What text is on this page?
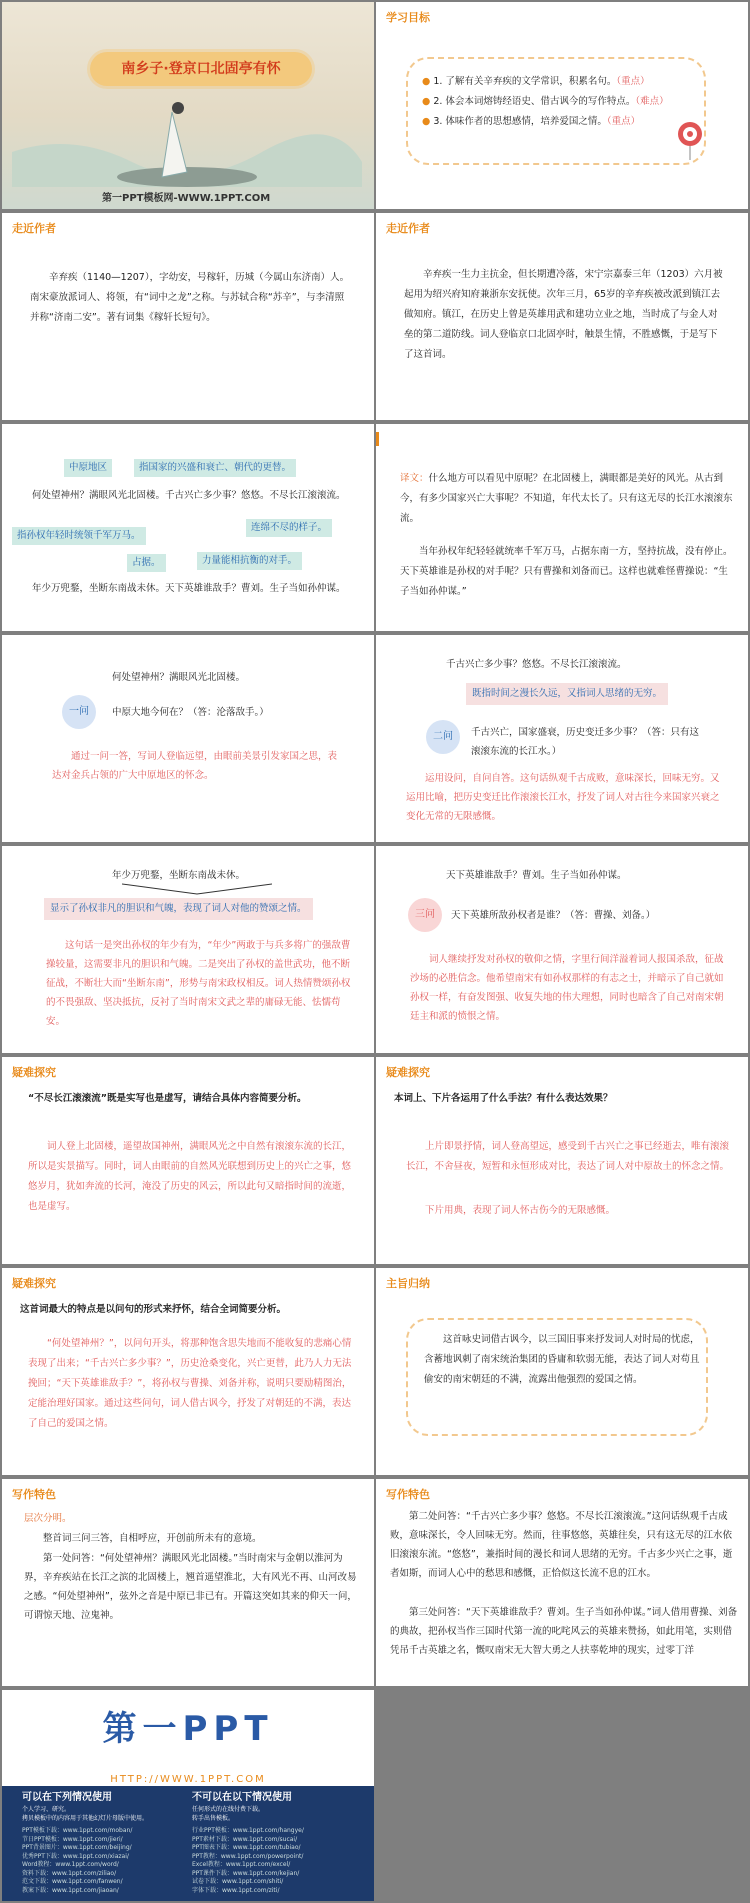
南乡子·登京口北固亭有怀
第一PPT模板网-WWW.1PPT.COM
学习目标
● 1. 了解有关辛弃疾的文学常识，积累名句。（重点）
● 2. 体会本词熔铸经语史、借古讽今的写作特点。（难点）
● 3. 体味作者的思想感情，培养爱国之情。（重点）
走近作者
辛弃疾（1140—1207），字幼安，号稼轩，历城（今属山东济南）人。南宋豪放派词人、将领，有“词中之龙”之称。与苏轼合称“苏辛”，与李清照并称“济南二安”。著有词集《稼轩长短句》。
走近作者
辛弃疾一生力主抗金，但长期遭冷落，宋宁宗嘉泰三年（1203）六月被起用为绍兴府知府兼浙东安抚使。次年三月，65岁的辛弃疾被改派到镇江去做知府。镇江，在历史上曾是英雄用武和建功立业之地，当时成了与金人对垒的第二道防线。词人登临京口北固亭时，触景生情，不胜感慨，于是写下了这首词。
中原地区	指国家的兴盛和衰亡、朝代的更替。
何处望神州？满眼风光北固楼。千古兴亡多少事？悠悠。不尽长江滚滚流。
指孙权年轻时统领千军万马。
连绵不尽的样子。
占据。	力量能相抗衡的对手。
年少万兜鍪，坐断东南战未休。天下英雄谁敌手？曹刘。生子当如孙仲谋。
译文：什么地方可以看见中原呢？在北固楼上，满眼都是美好的风光。从古到今，有多少国家兴亡大事呢？不知道，年代太长了。只有这无尽的长江水滚滚东流。
当年孙权年纪轻轻就统率千军万马，占据东南一方，坚持抗战，没有停止。天下英雄谁是孙权的对手呢？只有曹操和刘备而已。这样也就难怪曹操说：“生子当如孙仲谋。”
何处望神州？满眼风光北固楼。
一问	中原大地今何在？（答：沦落敌手。）
通过一问一答，写词人登临远望，由眼前美景引发家国之思，表达对金兵占领的广大中原地区的怀念。
千古兴亡多少事？悠悠。不尽长江滚滚流。
既指时间之漫长久远，又指词人思绪的无穷。
二问	千古兴亡，国家盛衰，历史变迁多少事？（答：只有这滚滚东流的长江水。）
运用设问，自问自答。这句话纵观千古成败，意味深长，回味无穷。又运用比喻，把历史变迁比作滚滚长江水，抒发了词人对古往今来国家兴衰之变化无常的无限感慨。
年少万兜鍪，坐断东南战未休。
显示了孙权非凡的胆识和气魄，表现了词人对他的赞颂之情。
这句话一是突出孙权的年少有为，“年少”两敢于与兵多将广的强敌曹操较量，这需要非凡的胆识和气魄。二是突出了孙权的盖世武功，他不断征战，不断壮大而“坐断东南”，形势与南宋政权相反。词人热情赞颂孙权的不畏强敌、坚决抵抗，反衬了当时南宋文武之辈的庸碌无能、怯懦苟安。
天下英雄谁敌手？曹刘。生子当如孙仲谋。
三问	天下英雄所敌孙权者是谁？（答：曹操、刘备。）
词人继续抒发对孙权的敬仰之情，字里行间洋溢着词人报国杀敌，征战沙场的必胜信念。他希望南宋有如孙权那样的有志之士，并暗示了自己就如孙权一样，有奋发图强、收复失地的伟大理想，同时也暗含了自己对南宋朝廷主和派的愤恨之情。
疑难探究
“不尽长江滚滚流”既是实写也是虚写，请结合具体内容简要分析。
词人登上北固楼，遥望故国神州，满眼风光之中自然有滚滚东流的长江，所以是实景描写。同时，词人由眼前的自然风光联想到历史上的兴亡之事，悠悠岁月，犹如奔流的长河，淹没了历史的风云，所以此句又暗指时间的流逝，也是虚写。
疑难探究
本词上、下片各运用了什么手法？有什么表达效果？
上片即景抒情，词人登高望远，感受到千古兴亡之事已经逝去，唯有滚滚长江，不舍昼夜，短暂和永恒形成对比，表达了词人对中原故土的怀念之情。
下片用典，表现了词人怀古伤今的无限感慨。
疑难探究
这首词最大的特点是以问句的形式来抒怀，结合全词简要分析。
“何处望神州？”，以问句开头，将那种饱含思失地而不能收复的悲痛心情表现了出来；“千古兴亡多少事？”，历史沧桑变化，兴亡更替，此乃人力无法挽回；“天下英雄谁敌手？”，将孙权与曹操、刘备并称，说明只要励精图治，定能治理好国家。通过这些问句，词人借古讽今，抒发了对朝廷的不满，表达了自己的爱国之情。
主旨归纳
这首咏史词借古讽今，以三国旧事来抒发词人对时局的忧虑，含蓄地讽刺了南宋统治集团的昏庸和软弱无能，表达了词人对苟且偷安的南宋朝廷的不满，流露出他强烈的爱国之情。
写作特色
层次分明。
整首词三问三答，自相呼应，开创前所未有的意境。
第一处问答：“何处望神州？满眼风光北固楼。”当时南宋与金朝以淮河为界，辛弃疾站在长江之滨的北固楼上，翘首遥望淮北，大有风光不再、山河改易之感。“何处望神州”，弦外之音是中原已非已有。开篇这突如其来的仰天一问，可谓惊天地、泣鬼神。
写作特色
第二处问答：“千古兴亡多少事？悠悠。不尽长江滚滚流。”这问话纵观千古成败，意味深长，令人回味无穷。然而，往事悠悠，英雄往矣，只有这无尽的江水依旧滚滚东流。“悠悠”，兼指时间的漫长和词人思绪的无穷。千古多少兴亡之事，逝者如斯，而词人心中的愁思和感慨，正恰似这长流不息的江水。
第三处问答：“天下英雄谁敌手？曹刘。生子当如孙仲谋。”词人借用曹操、刘备的典故，把孙权当作三国时代第一流的叱咤风云的英雄来赞扬，如此用笔，实则借凭吊千古英雄之名，慨叹南宋无大智大勇之人扶辜乾坤的现实，过零丁洋
第一PPT
HTTP://WWW.1PPT.COM
可以在下列情况使用
个人学习、研究。
拷贝模板中的内容用于其他幻灯片母版中使用。
PPT模板下载：www.1ppt.com/moban/
节日PPT模板：www.1ppt.com/jieri/
PPT背景图片：www.1ppt.com/beijing/
优秀PPT下载：www.1ppt.com/xiazai/
Word教程：www.1ppt.com/word/
资料下载：www.1ppt.com/ziliao/
范文下载：www.1ppt.com/fanwen/
教案下载：www.1ppt.com/jiaoan/
不可以在以下情况使用
任何形式的在线付费下载。
转手出售模板。
行业PPT模板：www.1ppt.com/hangye/
PPT素材下载：www.1ppt.com/sucai/
PPT图表下载：www.1ppt.com/tubiao/
PPT教程：www.1ppt.com/powerpoint/
Excel教程：www.1ppt.com/excel/
PPT课件下载：www.1ppt.com/kejian/
试卷下载：www.1ppt.com/shiti/
字体下载：www.1ppt.com/ziti/
